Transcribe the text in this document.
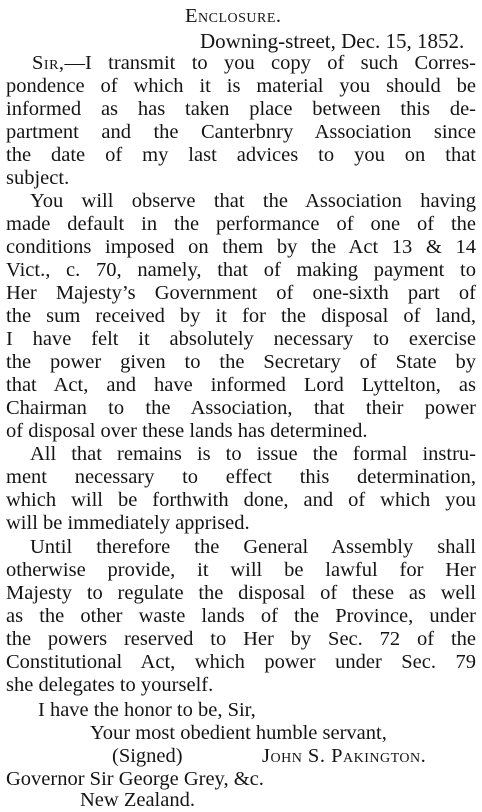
Enclosure.
Downing-street, Dec. 15, 1852.
Sir,—I transmit to you copy of such Corres-
pondence of which it is material you should be
informed as has taken place between this de-
partment and the Canterbnry Association since
the date of my last advices to you on that
subject.
You will observe that the Association having
made default in the performance of one of the
conditions imposed on them by the Act 13 & 14
Vict., c. 70, namely, that of making payment to
Her Majesty’s Government of one-sixth part of
the sum received by it for the disposal of land,
I have felt it absolutely necessary to exercise
the power given to the Secretary of State by
that Act, and have informed Lord Lyttelton, as
Chairman to the Association, that their power
of disposal over these lands has determined.
All that remains is to issue the formal instru-
ment necessary to effect this determination,
which will be forthwith done, and of which you
will be immediately apprised.
Until therefore the General Assembly shall
otherwise provide, it will be lawful for Her
Majesty to regulate the disposal of these as well
as the other waste lands of the Province, under
the powers reserved to Her by Sec. 72 of the
Constitutional Act, which power under Sec. 79
she delegates to yourself.
I have the honor to be, Sir,
Your most obedient humble servant,
(Signed)	John S. Pakington.
Governor Sir George Grey, &c.
New Zealand.
